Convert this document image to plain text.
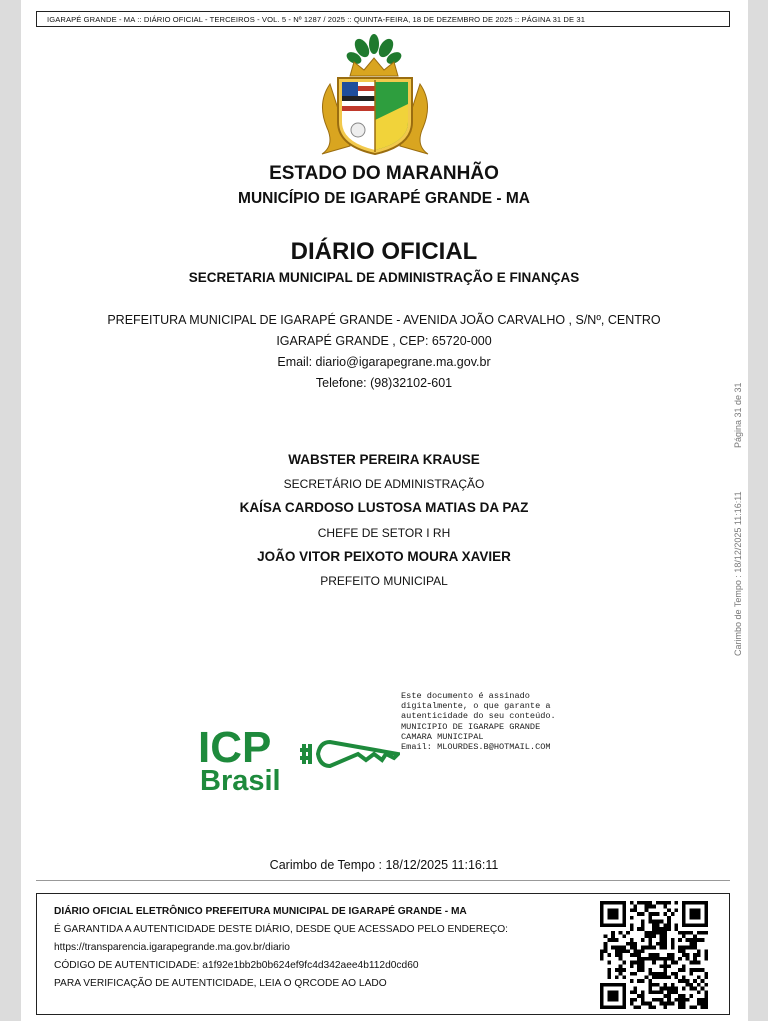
IGARAPÉ GRANDE - MA :: DIÁRIO OFICIAL - TERCEIROS - VOL. 5 - Nº 1287 / 2025 :: QUINTA-FEIRA, 18 DE DEZEMBRO DE 2025 :: PÁGINA 31 DE 31
ESTADO DO MARANHÃO
MUNICÍPIO DE IGARAPÉ GRANDE - MA
DIÁRIO OFICIAL
SECRETARIA MUNICIPAL DE ADMINISTRAÇÃO E FINANÇAS
PREFEITURA MUNICIPAL DE IGARAPÉ GRANDE - AVENIDA JOÃO CARVALHO , S/Nº, CENTRO
IGARAPÉ GRANDE , CEP: 65720-000
Email: diario@igarapegrane.ma.gov.br
Telefone: (98)32102-601
WABSTER PEREIRA KRAUSE
SECRETÁRIO DE ADMINISTRAÇÃO
KAÍSA CARDOSO LUSTOSA MATIAS DA PAZ
CHEFE DE SETOR I RH
JOÃO VITOR PEIXOTO MOURA XAVIER
PREFEITO MUNICIPAL
Página 31 de 31
Carimbo de Tempo : 18/12/2025 11:16:11
Este documento é assinado
digitalmente, o que garante a
autenticidade do seu conteúdo.
MUNICIPIO DE IGARAPE GRANDE
CAMARA MUNICIPAL
Email: MLOURDES.B@HOTMAIL.COM
ICP
Brasil
Carimbo de Tempo : 18/12/2025 11:16:11
DIÁRIO OFICIAL ELETRÔNICO PREFEITURA MUNICIPAL DE IGARAPÉ GRANDE - MA
É GARANTIDA A AUTENTICIDADE DESTE DIÁRIO, DESDE QUE ACESSADO PELO ENDEREÇO:
https://transparencia.igarapegrande.ma.gov.br/diario
CÓDIGO DE AUTENTICIDADE: a1f92e1bb2b0b624ef9fc4d342aee4b112d0cd60
PARA VERIFICAÇÃO DE AUTENTICIDADE, LEIA O QRCODE AO LADO
